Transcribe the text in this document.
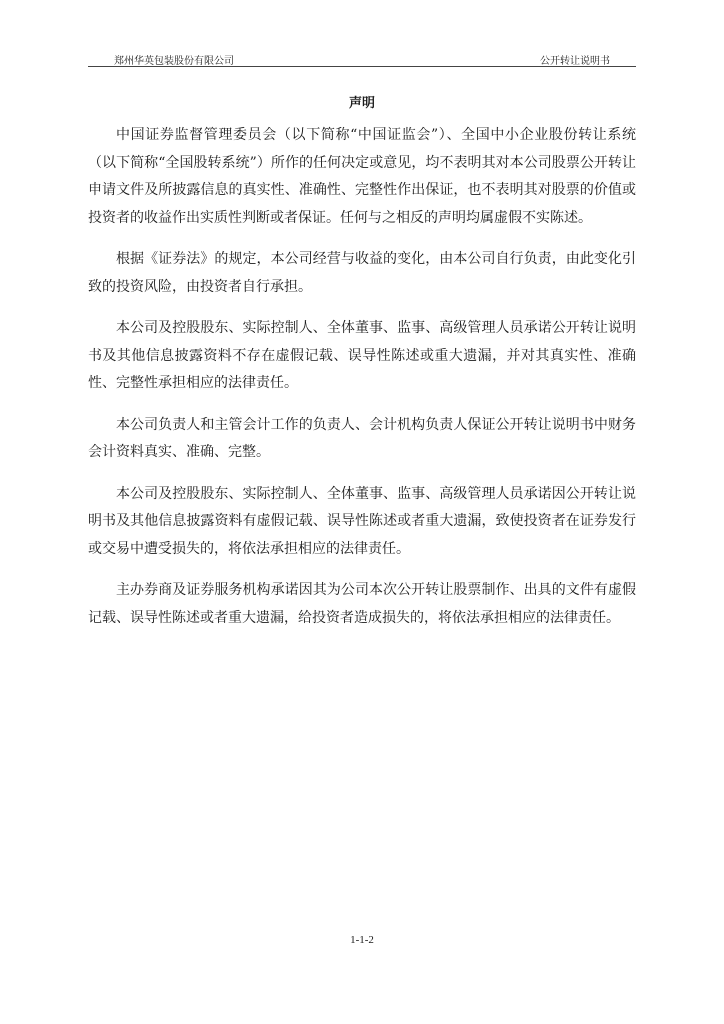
郑州华英包装股份有限公司	公开转让说明书
声明

中国证券监督管理委员会（以下简称“中国证监会”）、全国中小企业股份转让系统（以下简称“全国股转系统”）所作的任何决定或意见，均不表明其对本公司股票公开转让申请文件及所披露信息的真实性、准确性、完整性作出保证，也不表明其对股票的价值或投资者的收益作出实质性判断或者保证。任何与之相反的声明均属虚假不实陈述。

根据《证券法》的规定，本公司经营与收益的变化，由本公司自行负责，由此变化引致的投资风险，由投资者自行承担。

本公司及控股股东、实际控制人、全体董事、监事、高级管理人员承诺公开转让说明书及其他信息披露资料不存在虚假记载、误导性陈述或重大遗漏，并对其真实性、准确性、完整性承担相应的法律责任。

本公司负责人和主管会计工作的负责人、会计机构负责人保证公开转让说明书中财务会计资料真实、准确、完整。

本公司及控股股东、实际控制人、全体董事、监事、高级管理人员承诺因公开转让说明书及其他信息披露资料有虚假记载、误导性陈述或者重大遗漏，致使投资者在证券发行或交易中遭受损失的，将依法承担相应的法律责任。

主办券商及证券服务机构承诺因其为公司本次公开转让股票制作、出具的文件有虚假记载、误导性陈述或者重大遗漏，给投资者造成损失的，将依法承担相应的法律责任。

1-1-2
